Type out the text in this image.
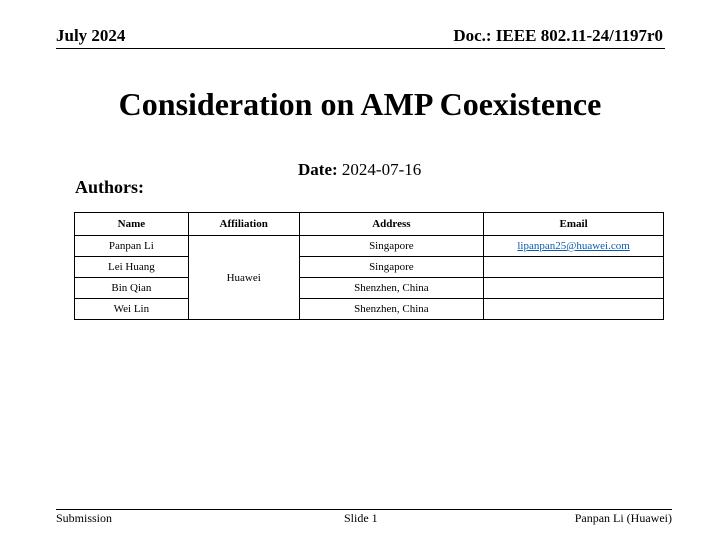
July 2024	Doc.: IEEE 802.11-24/1197r0
Consideration on AMP Coexistence
Date: 2024-07-16
Authors:
Name	Affiliation	Address	Email
Panpan Li	Huawei	Singapore	lipanpan25@huawei.com
Lei Huang		Singapore	
Bin Qian		Shenzhen, China	
Wei Lin		Shenzhen, China	
Submission	Slide 1	Panpan Li (Huawei)
